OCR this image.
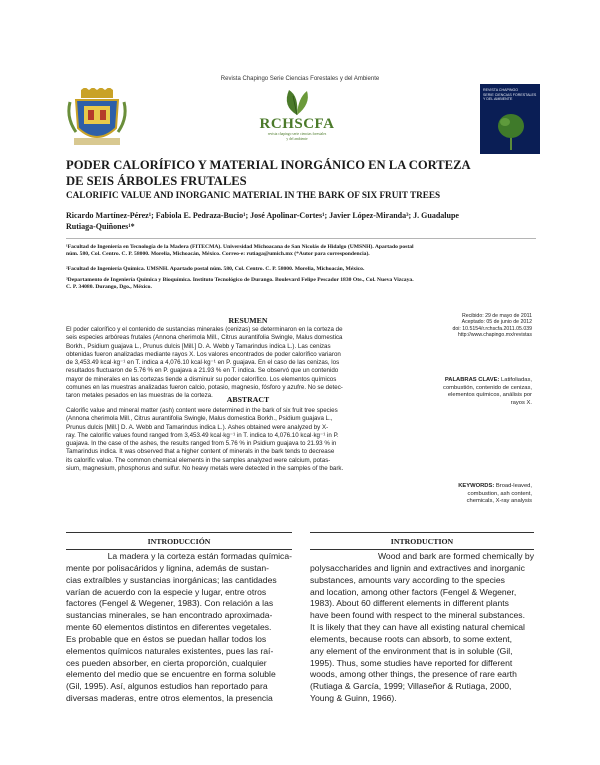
Revista Chapingo Serie Ciencias Forestales y del Ambiente
RCHSCFA
revista chapingo serie ciencias forestales
y del ambiente
REVISTA CHAPINGO
SERIE CIENCIAS FORESTALES
Y DEL AMBIENTE
PODER CALORÍFICO Y MATERIAL INORGÁNICO EN LA CORTEZA
DE SEIS ÁRBOLES FRUTALES
CALORIFIC VALUE AND INORGANIC MATERIAL IN THE BARK OF SIX FRUIT TREES
Ricardo Martínez-Pérez¹; Fabiola E. Pedraza-Bucio¹; José Apolinar-Cortes¹; Javier López-Miranda³; J. Guadalupe
Rutiaga-Quiñones¹*
¹Facultad de Ingeniería en Tecnología de la Madera (FITECMA). Universidad Michoacana de San Nicolás de Hidalgo (UMSNH). Apartado postal
núm. 580, Col. Centro. C. P. 58000. Morelia, Michoacán, México. Correo-e: rutiaga@umich.mx (*Autor para correspondencia).
²Facultad de Ingeniería Química. UMSNH. Apartado postal núm. 580, Col. Centro. C. P. 58000. Morelia, Michoacán, México.
³Departamento de Ingeniería Química y Bioquímica. Instituto Tecnológico de Durango. Boulevard Felipe Pescador 1830 Ote., Col. Nueva Vizcaya.
C. P. 34080. Durango, Dgo., México.
RESUMEN
El poder calorífico y el contenido de sustancias minerales (cenizas) se determinaron en la corteza de
seis especies arbóreas frutales (Annona cherimola Mill., Citrus aurantifolia Swingle, Malus domestica
Borkh., Psidium guajava L., Prunus dulcis [Mill.] D. A. Webb y Tamarindus indica L.). Las cenizas
obtenidas fueron analizadas mediante rayos X. Los valores encontrados de poder calorífico variaron
de 3,453.49 kcal·kg⁻¹ en T. indica a 4,076.10 kcal·kg⁻¹ en P. guajava. En el caso de las cenizas, los
resultados fluctuaron de 5.76 % en P. guajava a 21.93 % en T. indica. Se observó que un contenido
mayor de minerales en las cortezas tiende a disminuir su poder calorífico. Los elementos químicos
comunes en las muestras analizadas fueron calcio, potasio, magnesio, fósforo y azufre. No se detec-
taron metales pesados en las muestras de la corteza.
Recibido: 29 de mayo de 2011
Aceptado: 05 de junio de 2012
doi: 10.5154/r.rchscfa.2011.05.039
http://www.chapingo.mx/revistas
PALABRAS CLAVE: Latifoliadas,
combustión, contenido de cenizas,
elementos químicos, análisis por
rayos X.
ABSTRACT
Calorific value and mineral matter (ash) content were determined in the bark of six fruit tree species
(Annona cherimola Mill., Citrus aurantifolia Swingle, Malus domestica Borkh., Psidium guajava L.,
Prunus dulcis [Mill.] D. A. Webb and Tamarindus indica L.). Ashes obtained were analyzed by X-
ray. The calorific values found ranged from 3,453.49 kcal·kg⁻¹ in T. indica to 4,076.10 kcal·kg⁻¹ in P.
guajava. In the case of the ashes, the results ranged from 5.76 % in Psidium guajava to 21.93 % in
Tamarindus indica. It was observed that a higher content of minerals in the bark tends to decrease
its calorific value. The common chemical elements in the samples analyzed were calcium, potas-
sium, magnesium, phosphorus and sulfur. No heavy metals were detected in the samples of the bark.
KEYWORDS: Broad-leaved,
combustion, ash content,
chemicals, X-ray analysis
INTRODUCCIÓN
La madera y la corteza están formadas química-
mente por polisacáridos y lignina, además de sustan-
cias extraíbles y sustancias inorgánicas; las cantidades
varían de acuerdo con la especie y lugar, entre otros
factores (Fengel & Wegener, 1983). Con relación a las
sustancias minerales, se han encontrado aproximada-
mente 60 elementos distintos en diferentes vegetales.
Es probable que en éstos se puedan hallar todos los
elementos químicos naturales existentes, pues las raí-
ces pueden absorber, en cierta proporción, cualquier
elemento del medio que se encuentre en forma soluble
(Gil, 1995). Así, algunos estudios han reportado para
diversas maderas, entre otros elementos, la presencia
INTRODUCTION
Wood and bark are formed chemically by
polysaccharides and lignin and extractives and inorganic
substances, amounts vary according to the species
and location, among other factors (Fengel & Wegener,
1983). About 60 different elements in different plants
have been found with respect to the mineral substances.
It is likely that they can have all existing natural chemical
elements, because roots can absorb, to some extent,
any element of the environment that is in soluble (Gil,
1995). Thus, some studies have reported for different
woods, among other things, the presence of rare earth
(Rutiaga & García, 1999; Villaseñor & Rutiaga, 2000,
Young & Guinn, 1966).
